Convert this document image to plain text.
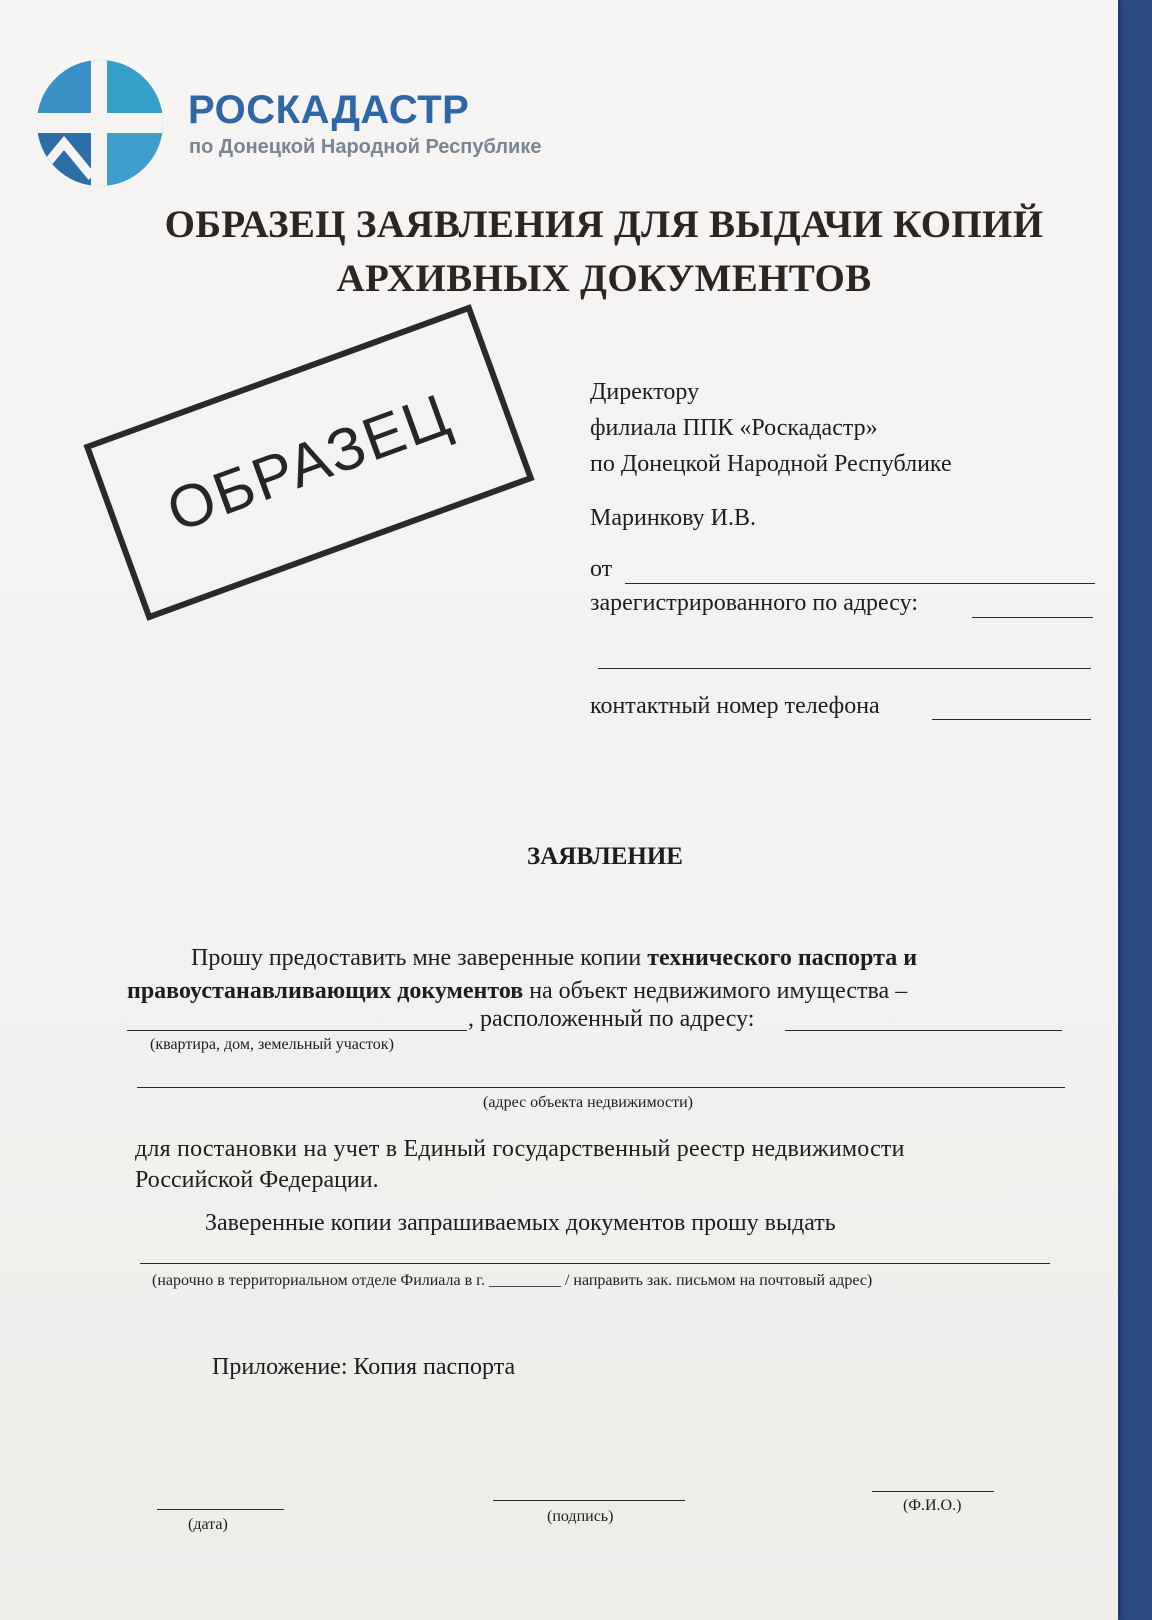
РОСКАДАСТР
по Донецкой Народной Республике
ОБРАЗЕЦ ЗАЯВЛЕНИЯ ДЛЯ ВЫДАЧИ КОПИЙ
АРХИВНЫХ ДОКУМЕНТОВ
ОБРАЗЕЦ	Директору
филиала ППК «Роскадастр»
по Донецкой Народной Республике
Маринкову И.В.
от
зарегистрированного по адресу:
контактный номер телефона
ЗАЯВЛЕНИЕ
Прошу предоставить мне заверенные копии технического паспорта и
правоустанавливающих документов на объект недвижимого имущества –
, расположенный по адресу:
(квартира, дом, земельный участок)
(адрес объекта недвижимости)
для постановки на учет в Единый государственный реестр недвижимости
Российской Федерации.
Заверенные копии запрашиваемых документов прошу выдать
(нарочно в территориальном отделе Филиала в г. _________ / направить зак. письмом на почтовый адрес)
Приложение: Копия паспорта
(дата)	(подпись)
(Ф.И.О.)
